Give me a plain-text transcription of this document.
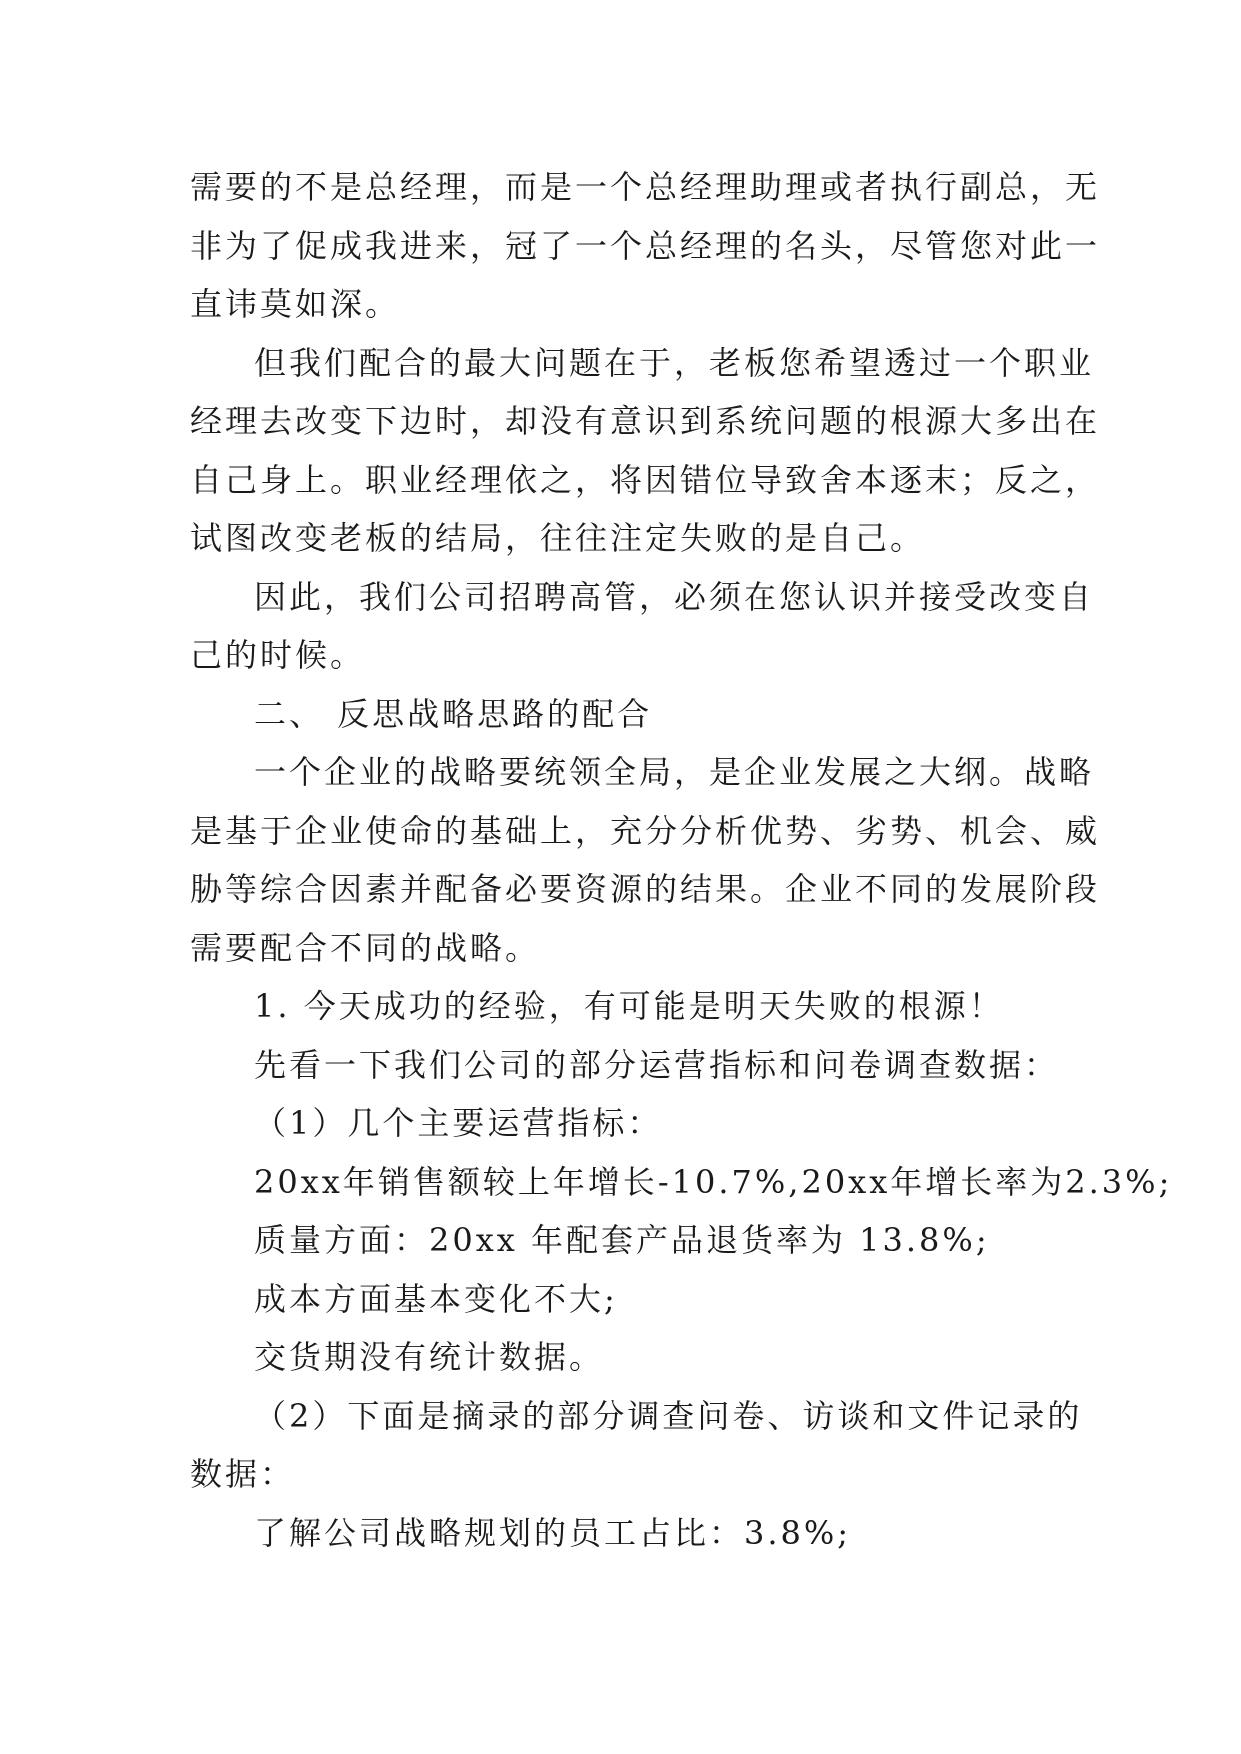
需要的不是总经理，而是一个总经理助理或者执行副总，无
非为了促成我进来，冠了一个总经理的名头，尽管您对此一
直讳莫如深。
但我们配合的最大问题在于，老板您希望透过一个职业
经理去改变下边时，却没有意识到系统问题的根源大多出在
自己身上。职业经理依之，将因错位导致舍本逐末；反之，
试图改变老板的结局，往往注定失败的是自己。
因此，我们公司招聘高管，必须在您认识并接受改变自
己的时候。
二、 反思战略思路的配合
一个企业的战略要统领全局，是企业发展之大纲。战略
是基于企业使命的基础上，充分分析优势、劣势、机会、威
胁等综合因素并配备必要资源的结果。企业不同的发展阶段
需要配合不同的战略。
1. 今天成功的经验，有可能是明天失败的根源！
先看一下我们公司的部分运营指标和问卷调查数据：
（1）几个主要运营指标：
20xx年销售额较上年增长-10.7%,20xx年增长率为2.3%;
质量方面：20xx 年配套产品退货率为 13.8%;
成本方面基本变化不大;
交货期没有统计数据。
（2）下面是摘录的部分调查问卷、访谈和文件记录的
数据：
了解公司战略规划的员工占比：3.8%;
